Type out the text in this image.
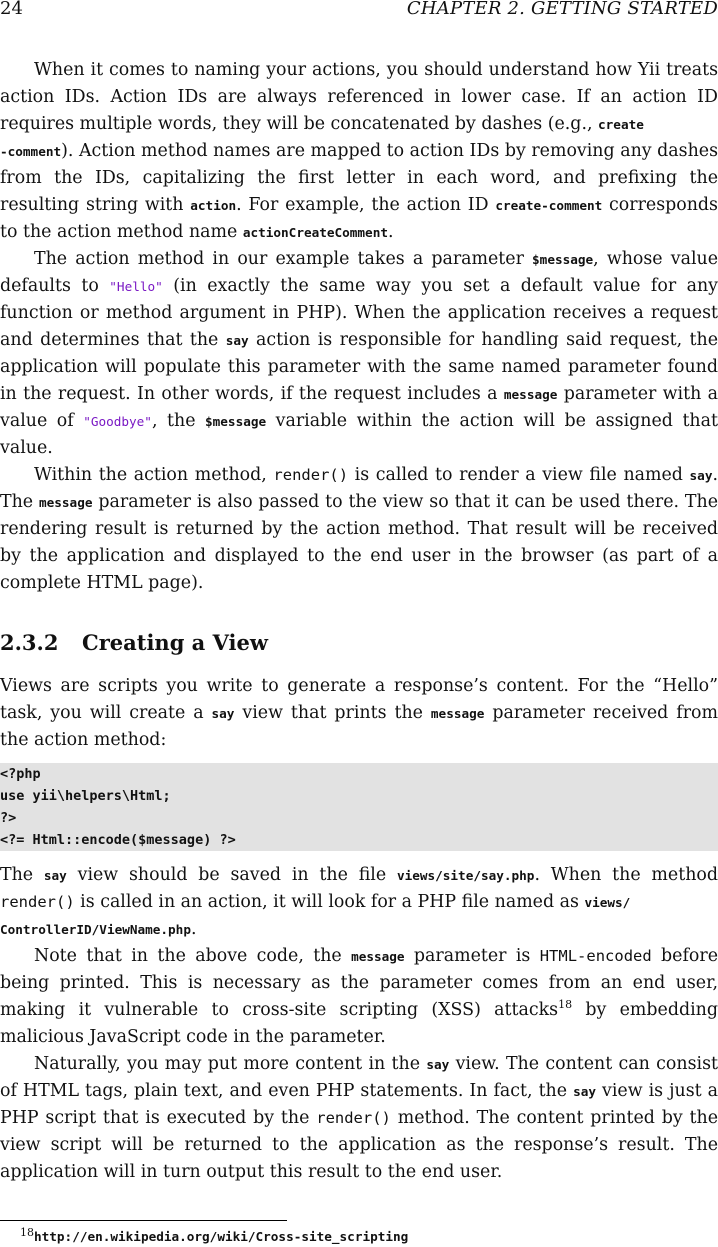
24	CHAPTER 2. GETTING STARTED

When it comes to naming your actions, you should understand how Yii treats action IDs. Action IDs are always referenced in lower case. If an action ID requires multiple words, they will be concatenated by dashes (e.g., create
-comment). Action method names are mapped to action IDs by removing any dashes from the IDs, capitalizing the first letter in each word, and prefixing the resulting string with action. For example, the action ID create-comment corresponds to the action method name actionCreateComment.

The action method in our example takes a parameter $message, whose value defaults to "Hello" (in exactly the same way you set a default value for any function or method argument in PHP). When the application receives a request and determines that the say action is responsible for handling said request, the application will populate this parameter with the same named parameter found in the request. In other words, if the request includes a message parameter with a value of "Goodbye", the $message variable within the action will be assigned that value.

Within the action method, render() is called to render a view file named say. The message parameter is also passed to the view so that it can be used there. The rendering result is returned by the action method. That result will be received by the application and displayed to the end user in the browser (as part of a complete HTML page).

2.3.2 Creating a View

Views are scripts you write to generate a response’s content. For the “Hello” task, you will create a say view that prints the message parameter received from the action method:

<?php
use yii\helpers\Html;
?>
<?= Html::encode($message) ?>

The say view should be saved in the file views/site/say.php. When the method render() is called in an action, it will look for a PHP file named as views/
ControllerID/ViewName.php.

Note that in the above code, the message parameter is HTML-encoded before being printed. This is necessary as the parameter comes from an end user, making it vulnerable to cross-site scripting (XSS) attacks$^{18}$ by embedding malicious JavaScript code in the parameter.

Naturally, you may put more content in the say view. The content can consist of HTML tags, plain text, and even PHP statements. In fact, the say view is just a PHP script that is executed by the render() method. The content printed by the view script will be returned to the application as the response’s result. The application will in turn output this result to the end user.

$^{18}$http://en.wikipedia.org/wiki/Cross-site_scripting
